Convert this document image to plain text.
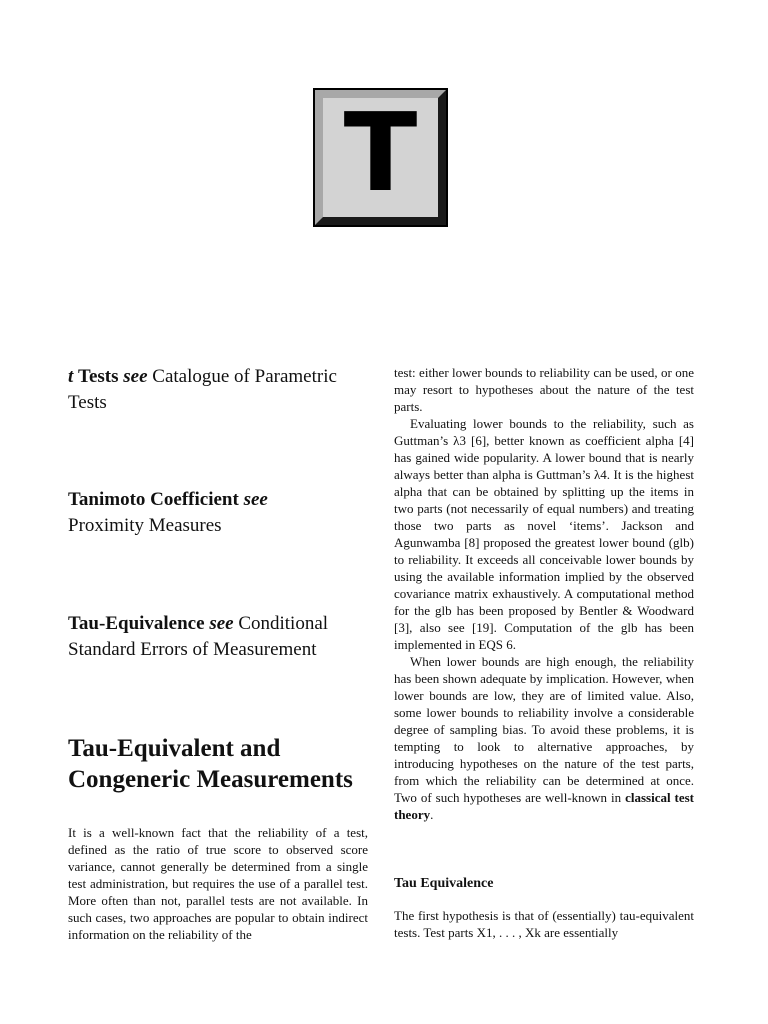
T

t Tests see Catalogue of Parametric Tests

Tanimoto Coefficient see
Proximity Measures

Tau-Equivalence see Conditional Standard Errors of Measurement

Tau-Equivalent and Congeneric Measurements

It is a well-known fact that the reliability of a test, defined as the ratio of true score to observed score variance, cannot generally be determined from a single test administration, but requires the use of a parallel test. More often than not, parallel tests are not available. In such cases, two approaches are popular to obtain indirect information on the reliability of the

test: either lower bounds to reliability can be used, or one may resort to hypotheses about the nature of the test parts.

Evaluating lower bounds to the reliability, such as Guttman’s λ3 [6], better known as coefficient alpha [4] has gained wide popularity. A lower bound that is nearly always better than alpha is Guttman’s λ4. It is the highest alpha that can be obtained by splitting up the items in two parts (not necessarily of equal numbers) and treating those two parts as novel ‘items’. Jackson and Agunwamba [8] proposed the greatest lower bound (glb) to reliability. It exceeds all conceivable lower bounds by using the available information implied by the observed covariance matrix exhaustively. A computational method for the glb has been proposed by Bentler & Woodward [3], also see [19]. Computation of the glb has been implemented in EQS 6.

When lower bounds are high enough, the reliability has been shown adequate by implication. However, when lower bounds are low, they are of limited value. Also, some lower bounds to reliability involve a considerable degree of sampling bias. To avoid these problems, it is tempting to look to alternative approaches, by introducing hypotheses on the nature of the test parts, from which the reliability can be determined at once. Two of such hypotheses are well-known in classical test theory.

Tau Equivalence

The first hypothesis is that of (essentially) tau-equivalent tests. Test parts X1, . . . , Xk are essentially
